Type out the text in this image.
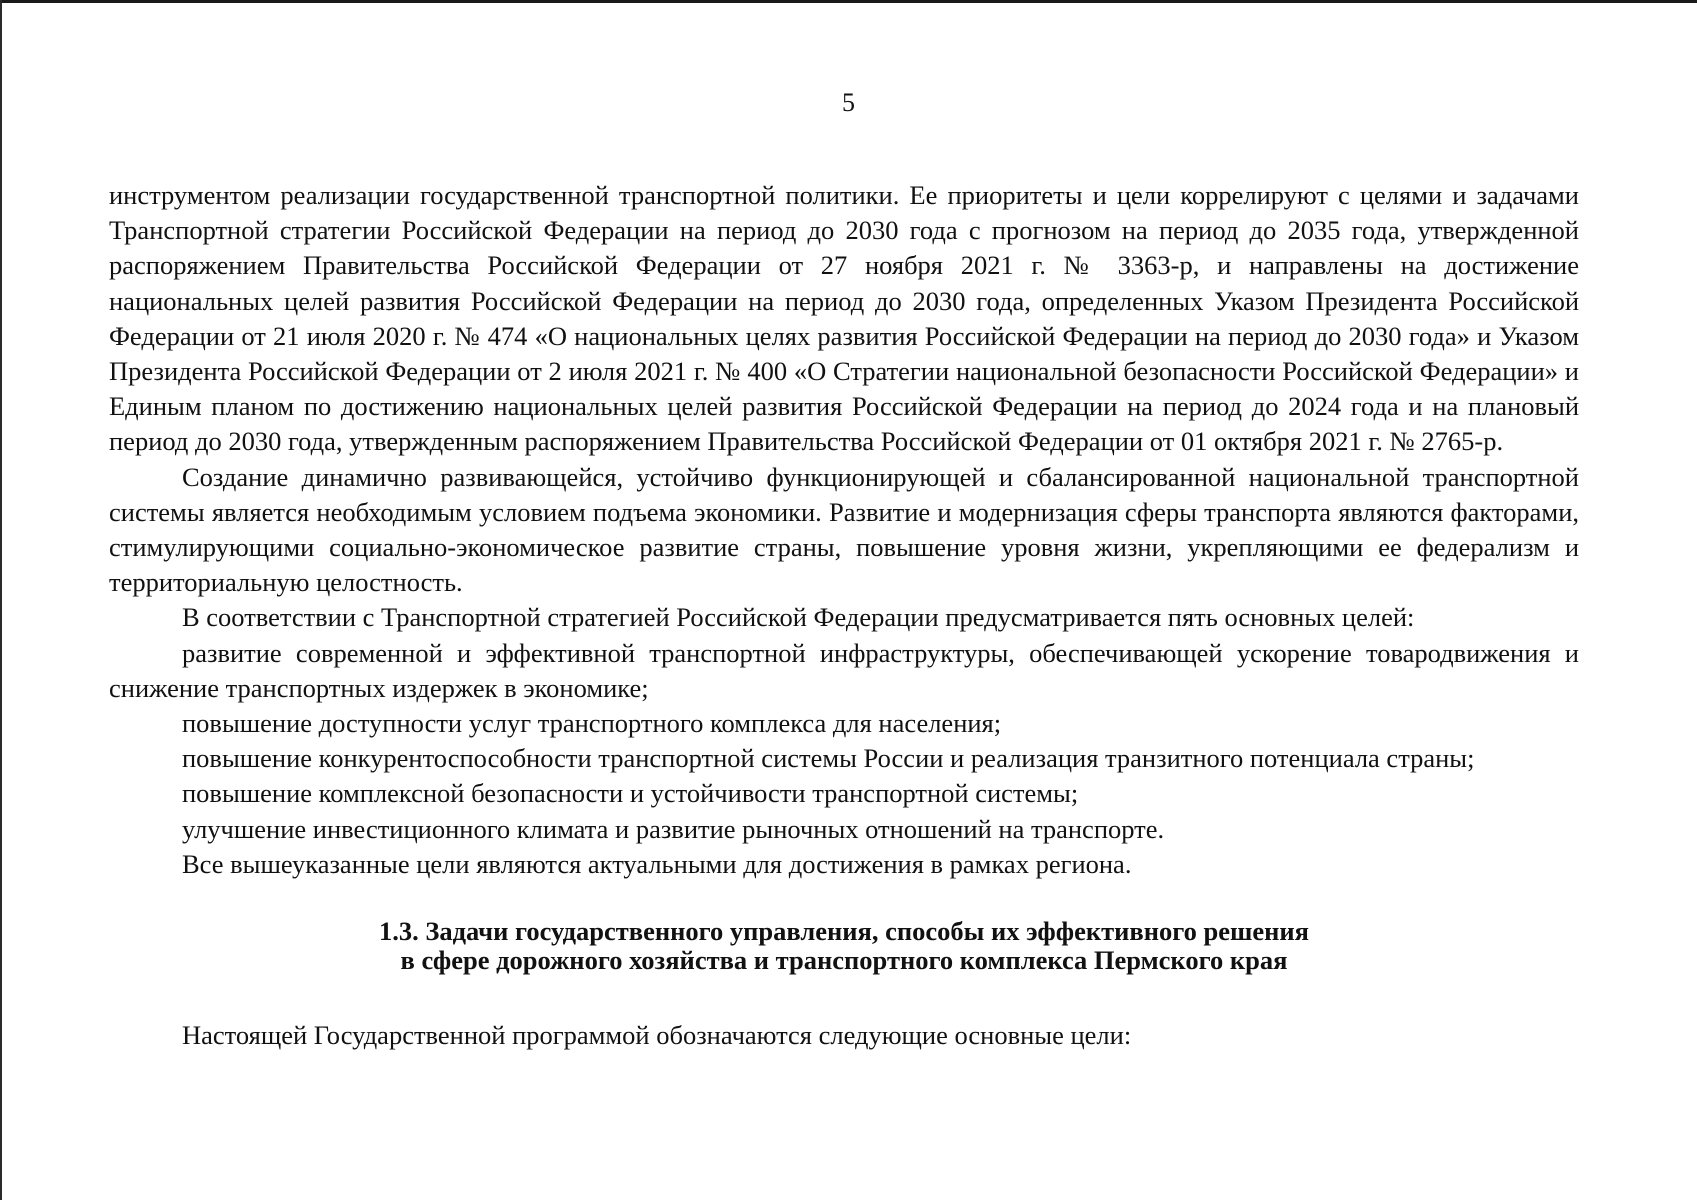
5

инструментом реализации государственной транспортной политики. Ее приоритеты и цели коррелируют с целями и задачами Транспортной стратегии Российской Федерации на период до 2030 года с прогнозом на период до 2035 года, утвержденной распоряжением Правительства Российской Федерации от 27 ноября 2021 г. № 3363-р, и направлены на достижение национальных целей развития Российской Федерации на период до 2030 года, определенных Указом Президента Российской Федерации от 21 июля 2020 г. № 474 «О национальных целях развития Российской Федерации на период до 2030 года» и Указом Президента Российской Федерации от 2 июля 2021 г. № 400 «О Стратегии национальной безопасности Российской Федерации» и Единым планом по достижению национальных целей развития Российской Федерации на период до 2024 года и на плановый период до 2030 года, утвержденным распоряжением Правительства Российской Федерации от 01 октября 2021 г. № 2765-р.

Создание динамично развивающейся, устойчиво функционирующей и сбалансированной национальной транспортной системы является необходимым условием подъема экономики. Развитие и модернизация сферы транспорта являются факторами, стимулирующими социально-экономическое развитие страны, повышение уровня жизни, укрепляющими ее федерализм и территориальную целостность.

В соответствии с Транспортной стратегией Российской Федерации предусматривается пять основных целей:

развитие современной и эффективной транспортной инфраструктуры, обеспечивающей ускорение товародвижения и снижение транспортных издержек в экономике;

повышение доступности услуг транспортного комплекса для населения;

повышение конкурентоспособности транспортной системы России и реализация транзитного потенциала страны;

повышение комплексной безопасности и устойчивости транспортной системы;

улучшение инвестиционного климата и развитие рыночных отношений на транспорте.

Все вышеуказанные цели являются актуальными для достижения в рамках региона.

1.3. Задачи государственного управления, способы их эффективного решения
в сфере дорожного хозяйства и транспортного комплекса Пермского края

Настоящей Государственной программой обозначаются следующие основные цели:
